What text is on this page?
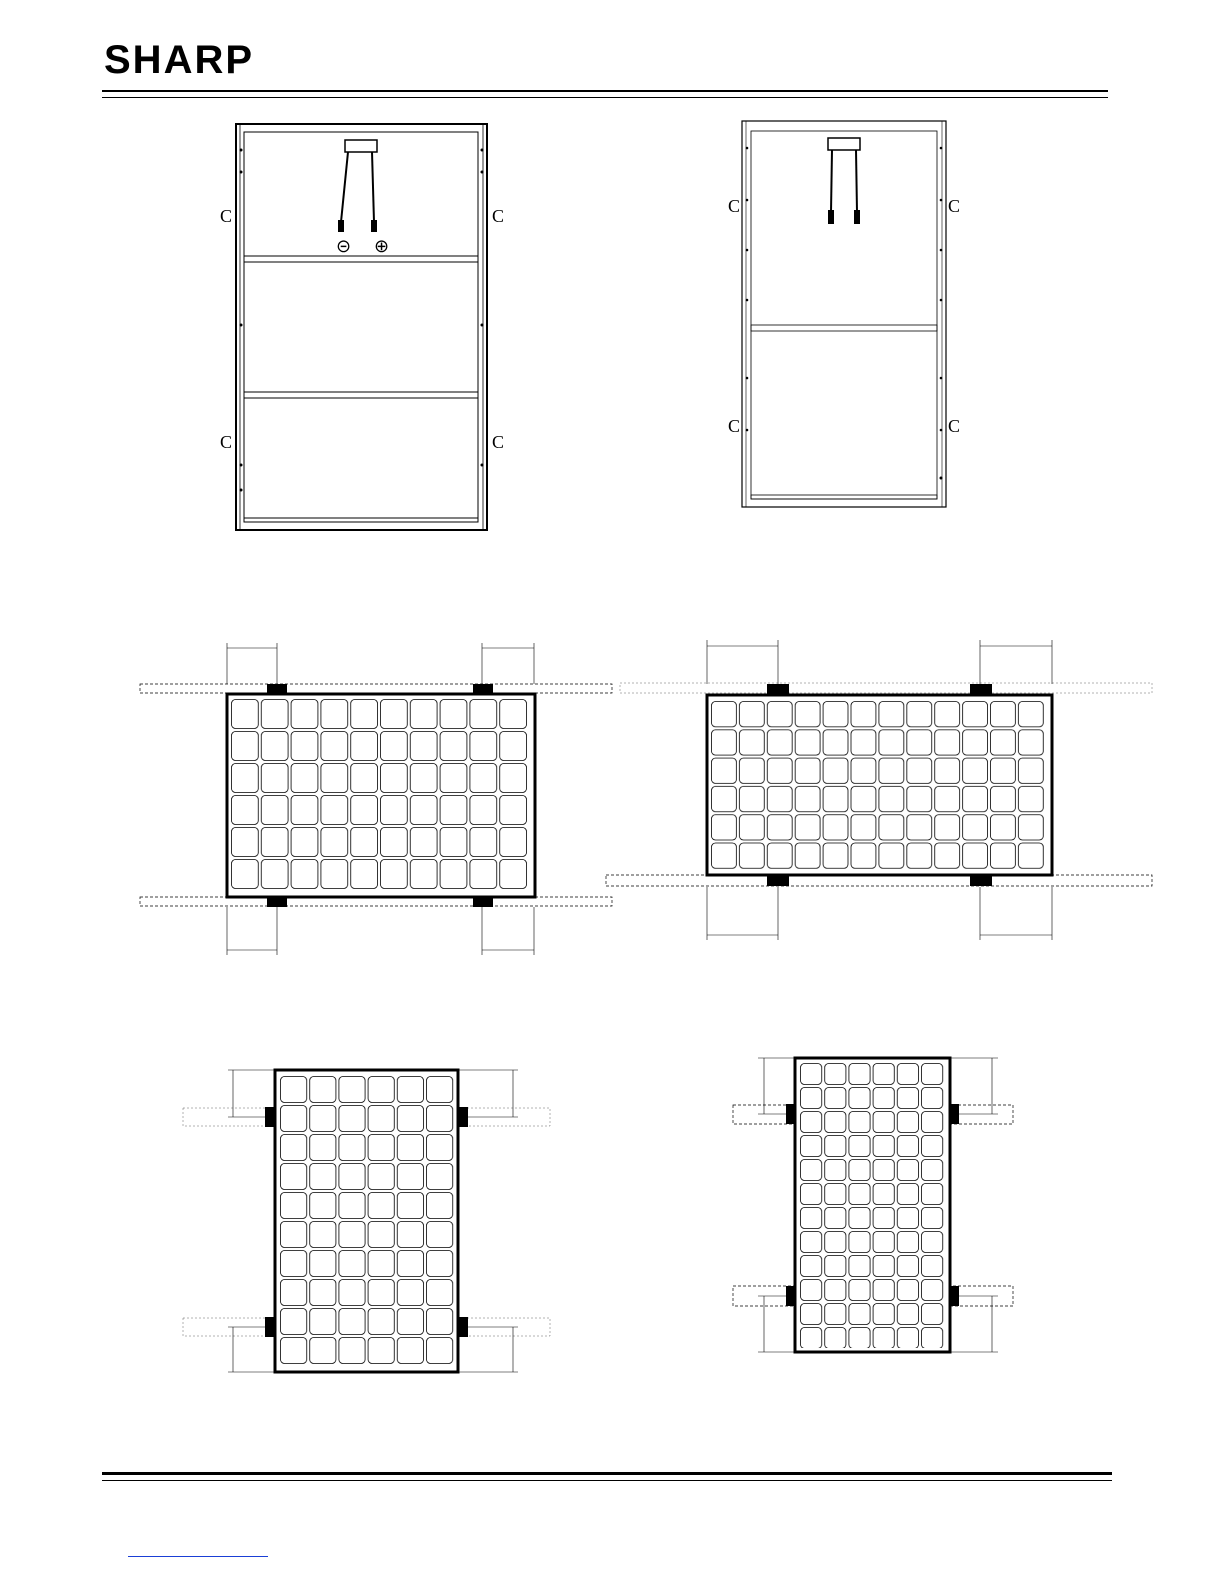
SHARP
⊝ ⊕
C	C
C	C
C	C
C	C
